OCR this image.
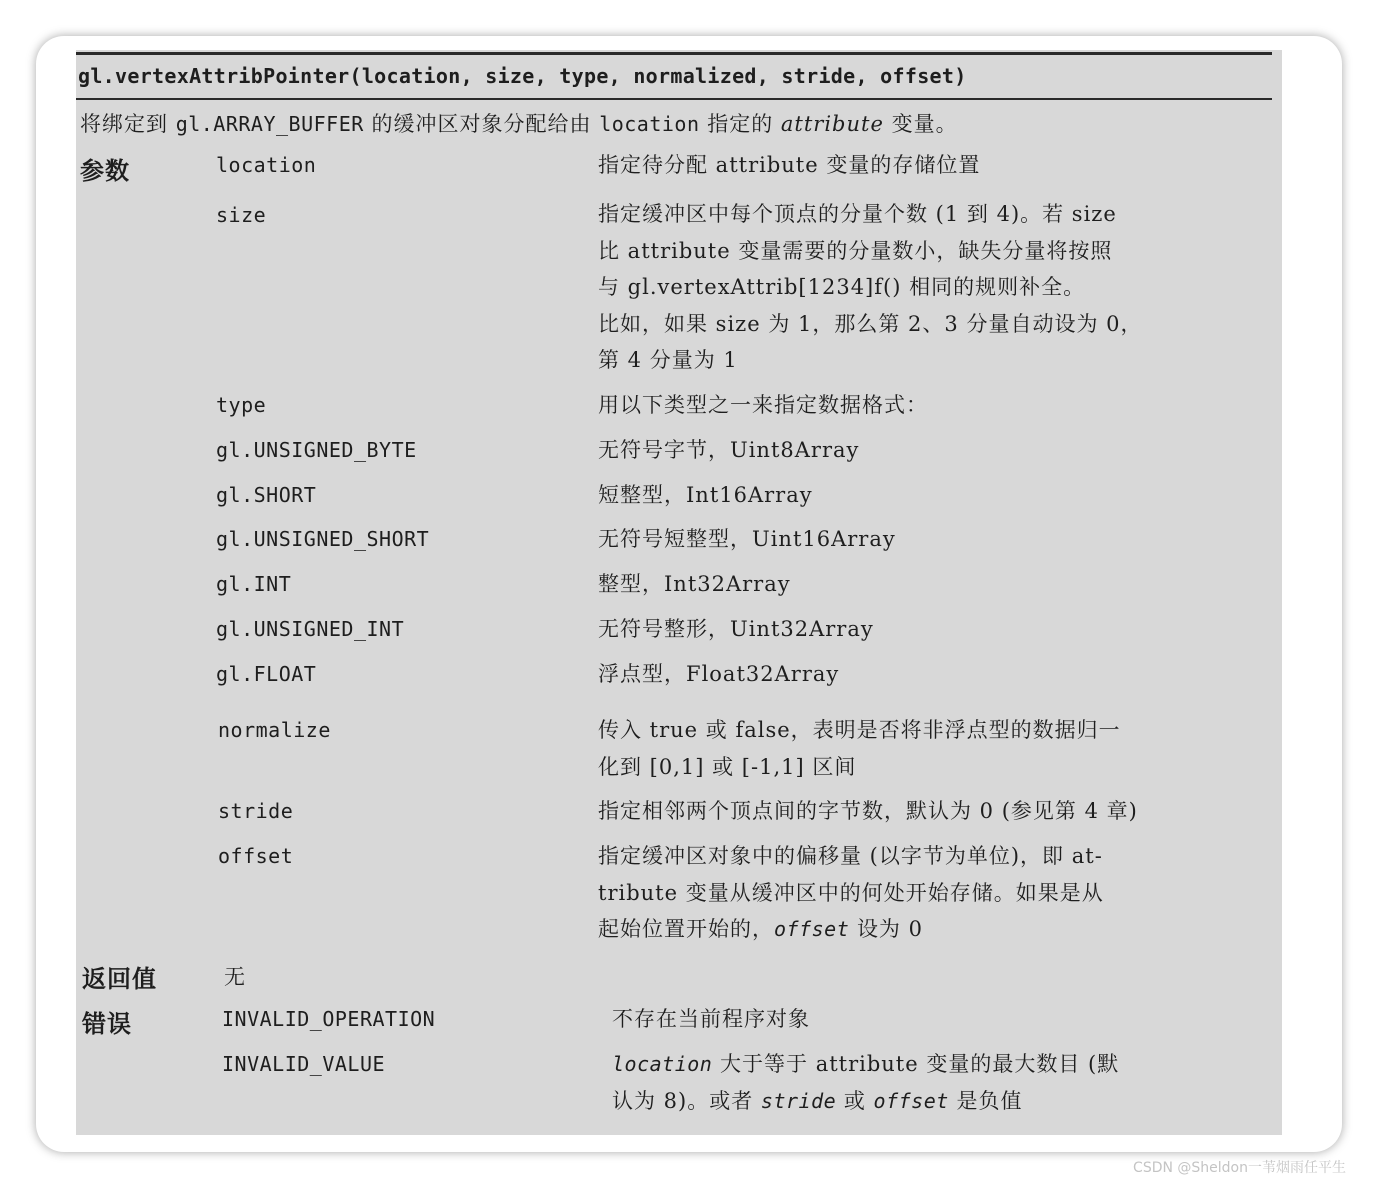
gl.vertexAttribPointer(location, size, type, normalized, stride, offset)
将绑定到 gl.ARRAY_BUFFER 的缓冲区对象分配给由 location 指定的 attribute 变量。
参数	location	指定待分配 attribute 变量的存储位置
size	指定缓冲区中每个顶点的分量个数 (1 到 4)。若 size
比 attribute 变量需要的分量数小，缺失分量将按照
与 gl.vertexAttrib[1234]f() 相同的规则补全。
比如，如果 size 为 1，那么第 2、3 分量自动设为 0，
第 4 分量为 1
type	用以下类型之一来指定数据格式：
gl.UNSIGNED_BYTE	无符号字节，Uint8Array
gl.SHORT	短整型，Int16Array
gl.UNSIGNED_SHORT	无符号短整型，Uint16Array
gl.INT	整型，Int32Array
gl.UNSIGNED_INT	无符号整形，Uint32Array
gl.FLOAT	浮点型，Float32Array
normalize	传入 true 或 false，表明是否将非浮点型的数据归一
化到 [0,1] 或 [-1,1] 区间
stride	指定相邻两个顶点间的字节数，默认为 0 (参见第 4 章)
offset	指定缓冲区对象中的偏移量 (以字节为单位)，即 at-
tribute 变量从缓冲区中的何处开始存储。如果是从
起始位置开始的，offset 设为 0
返回值	无
错误	INVALID_OPERATION	不存在当前程序对象
INVALID_VALUE	location 大于等于 attribute 变量的最大数目 (默
认为 8)。或者 stride 或 offset 是负值
CSDN @Sheldon一苇烟雨任平生
